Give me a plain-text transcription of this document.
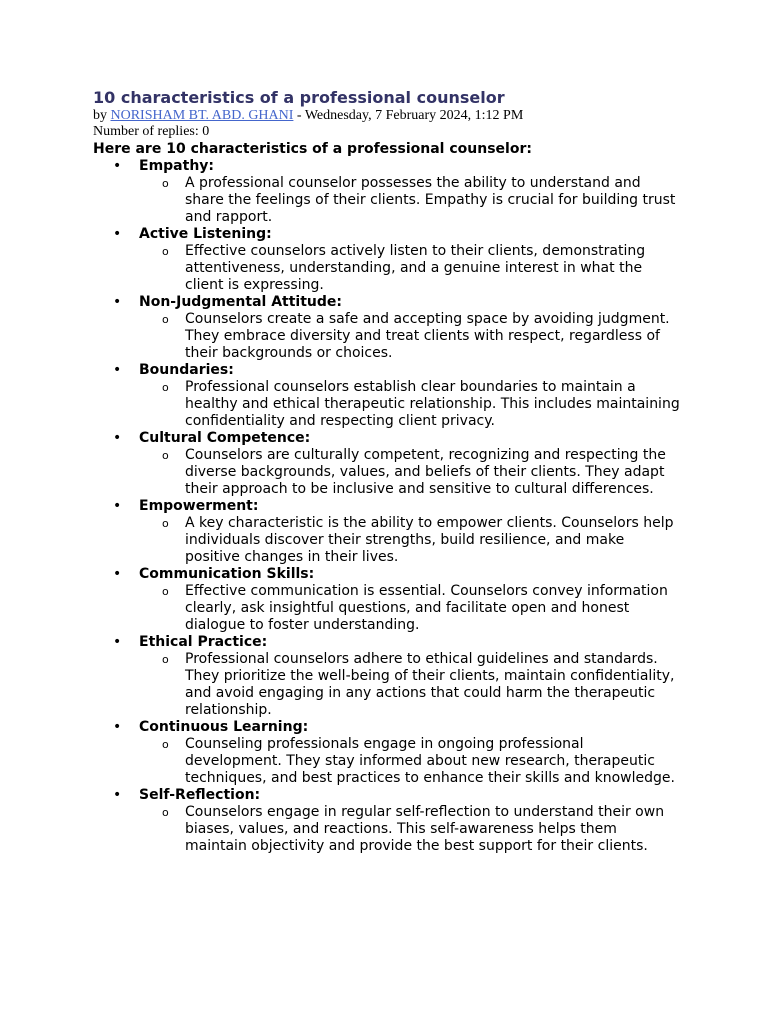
10 characteristics of a professional counselor
by NORISHAM BT. ABD. GHANI - Wednesday, 7 February 2024, 1:12 PM
Number of replies: 0
Here are 10 characteristics of a professional counselor:
• Empathy:
o A professional counselor possesses the ability to understand and share the feelings of their clients. Empathy is crucial for building trust and rapport.
• Active Listening:
o Effective counselors actively listen to their clients, demonstrating attentiveness, understanding, and a genuine interest in what the client is expressing.
• Non-Judgmental Attitude:
o Counselors create a safe and accepting space by avoiding judgment. They embrace diversity and treat clients with respect, regardless of their backgrounds or choices.
• Boundaries:
o Professional counselors establish clear boundaries to maintain a healthy and ethical therapeutic relationship. This includes maintaining confidentiality and respecting client privacy.
• Cultural Competence:
o Counselors are culturally competent, recognizing and respecting the diverse backgrounds, values, and beliefs of their clients. They adapt their approach to be inclusive and sensitive to cultural differences.
• Empowerment:
o A key characteristic is the ability to empower clients. Counselors help individuals discover their strengths, build resilience, and make positive changes in their lives.
• Communication Skills:
o Effective communication is essential. Counselors convey information clearly, ask insightful questions, and facilitate open and honest dialogue to foster understanding.
• Ethical Practice:
o Professional counselors adhere to ethical guidelines and standards. They prioritize the well-being of their clients, maintain confidentiality, and avoid engaging in any actions that could harm the therapeutic relationship.
• Continuous Learning:
o Counseling professionals engage in ongoing professional development. They stay informed about new research, therapeutic techniques, and best practices to enhance their skills and knowledge.
• Self-Reflection:
o Counselors engage in regular self-reflection to understand their own biases, values, and reactions. This self-awareness helps them maintain objectivity and provide the best support for their clients.
